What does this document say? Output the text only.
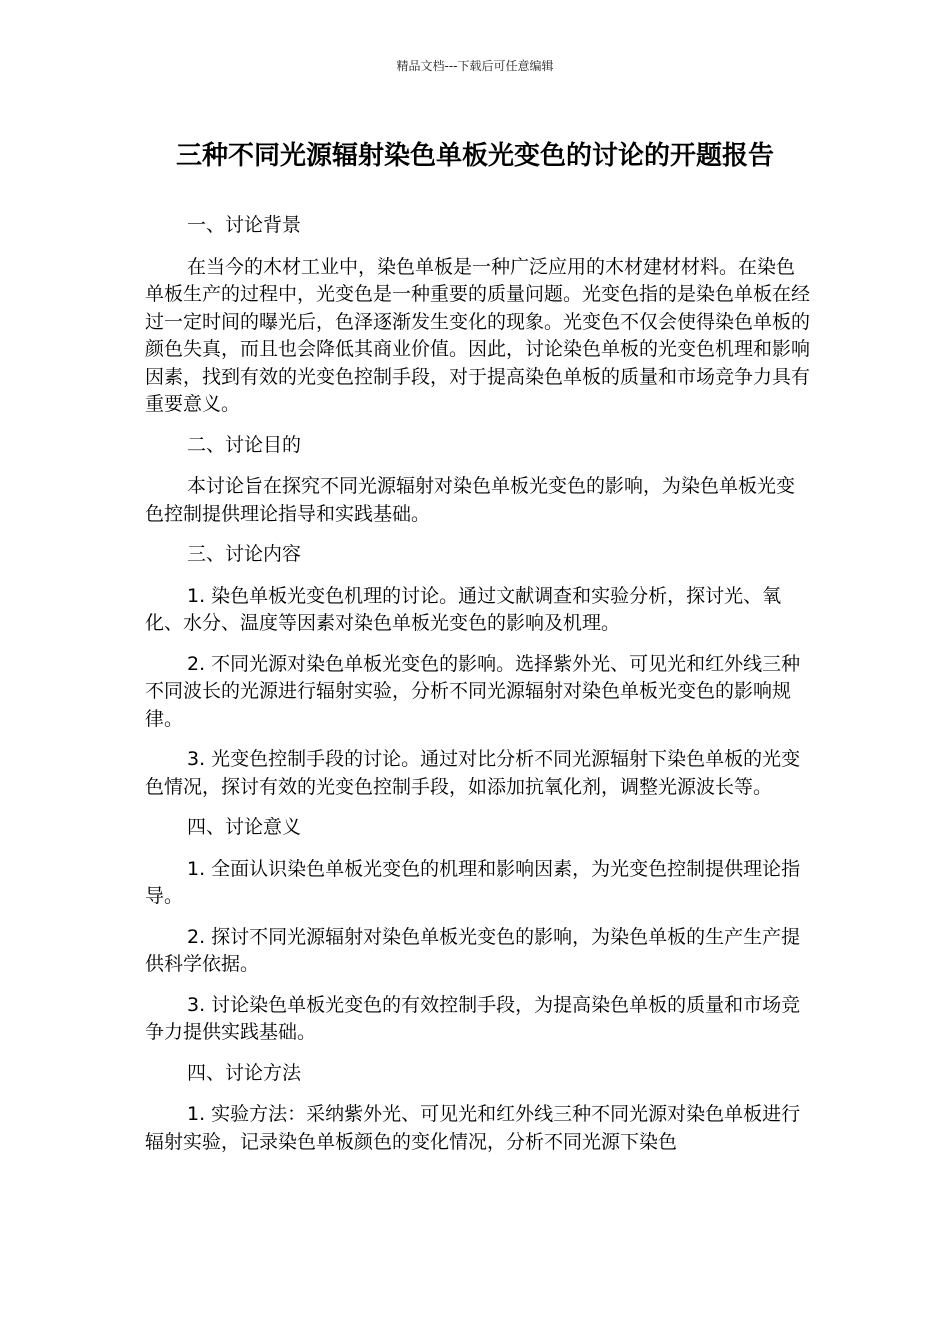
精品文档---下载后可任意编辑
三种不同光源辐射染色单板光变色的讨论的开题报告

一、讨论背景

在当今的木材工业中，染色单板是一种广泛应用的木材建材材料。在染色单板生产的过程中，光变色是一种重要的质量问题。光变色指的是染色单板在经过一定时间的曝光后，色泽逐渐发生变化的现象。光变色不仅会使得染色单板的颜色失真，而且也会降低其商业价值。因此，讨论染色单板的光变色机理和影响因素，找到有效的光变色控制手段，对于提高染色单板的质量和市场竞争力具有重要意义。

二、讨论目的

本讨论旨在探究不同光源辐射对染色单板光变色的影响，为染色单板光变色控制提供理论指导和实践基础。

三、讨论内容

1. 染色单板光变色机理的讨论。通过文献调查和实验分析，探讨光、氧化、水分、温度等因素对染色单板光变色的影响及机理。

2. 不同光源对染色单板光变色的影响。选择紫外光、可见光和红外线三种不同波长的光源进行辐射实验，分析不同光源辐射对染色单板光变色的影响规律。

3. 光变色控制手段的讨论。通过对比分析不同光源辐射下染色单板的光变色情况，探讨有效的光变色控制手段，如添加抗氧化剂，调整光源波长等。

四、讨论意义

1. 全面认识染色单板光变色的机理和影响因素，为光变色控制提供理论指导。

2. 探讨不同光源辐射对染色单板光变色的影响，为染色单板的生产生产提供科学依据。

3. 讨论染色单板光变色的有效控制手段，为提高染色单板的质量和市场竞争力提供实践基础。

四、讨论方法

1. 实验方法：采纳紫外光、可见光和红外线三种不同光源对染色单板进行辐射实验，记录染色单板颜色的变化情况，分析不同光源下染色
